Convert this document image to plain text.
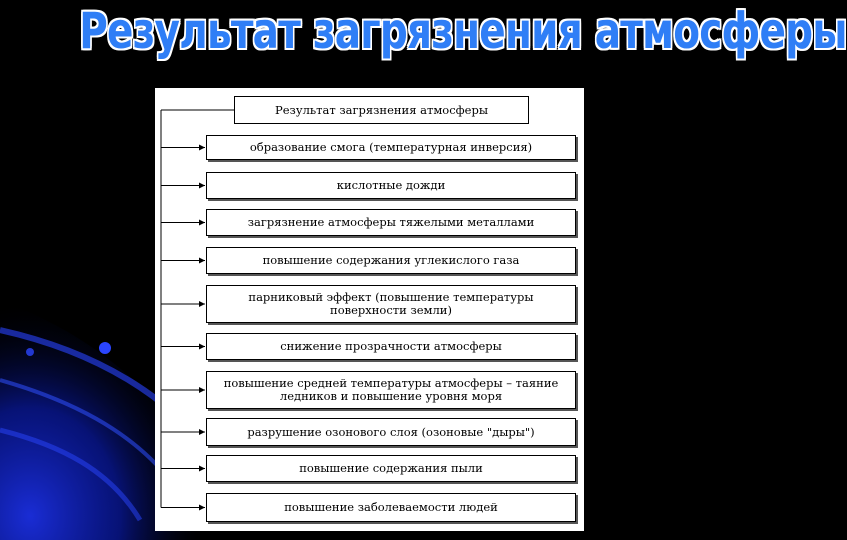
Результат загрязнения атмосферы
Результат загрязнения атмосферы
образование смога (температурная инверсия)
кислотные дожди
загрязнение атмосферы тяжелыми металлами
повышение содержания углекислого газа
парниковый эффект (повышение температуры поверхности земли)
снижение прозрачности атмосферы
повышение средней температуры атмосферы – таяние ледников и повышение уровня моря
разрушение озонового слоя (озоновые "дыры")
повышение содержания пыли
повышение заболеваемости людей
